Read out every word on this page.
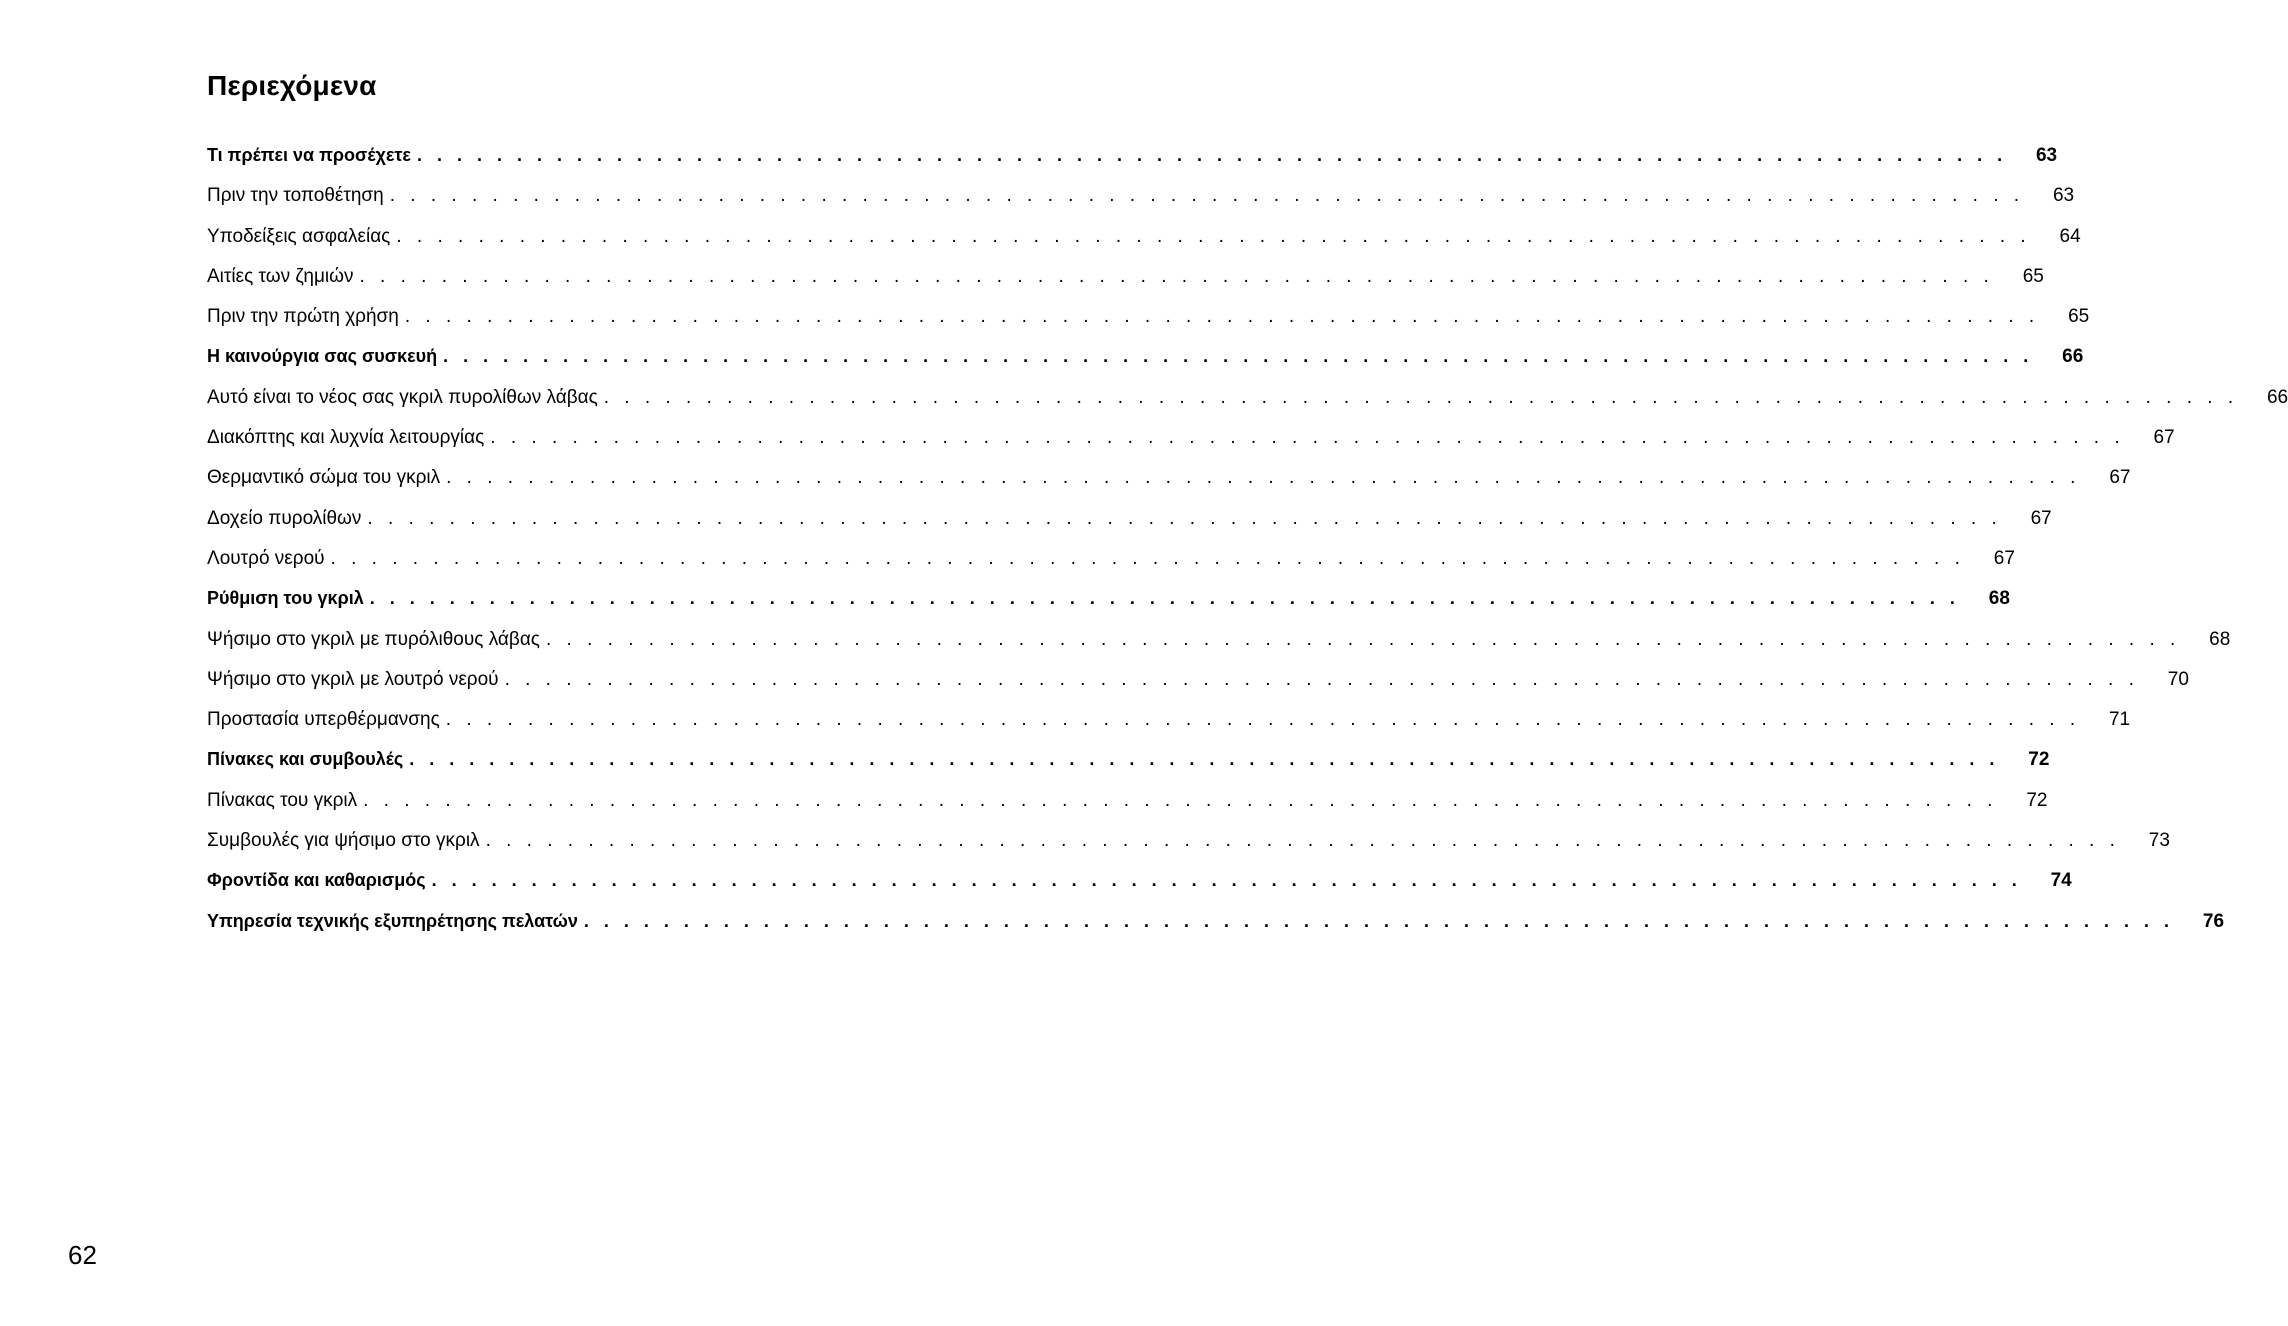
Περιεχόμενα
Τι πρέπει να προσέχετε . . . . . . . . . . . . . . . . . . . . . . . . . . . . . . . . . . . . . . . . . . . . . . . . . . . . . . . . . . . . . . . . . . . . . . . . . . . . . . . .	63
Πριν την τοποθέτηση . . . . . . . . . . . . . . . . . . . . . . . . . . . . . . . . . . . . . . . . . . . . . . . . . . . . . . . . . . . . . . . . . . . . . . . . . . . . . . . .	63
Υποδείξεις ασφαλείας . . . . . . . . . . . . . . . . . . . . . . . . . . . . . . . . . . . . . . . . . . . . . . . . . . . . . . . . . . . . . . . . . . . . . . . . . . . . . . . .	64
Αιτίες των ζημιών . . . . . . . . . . . . . . . . . . . . . . . . . . . . . . . . . . . . . . . . . . . . . . . . . . . . . . . . . . . . . . . . . . . . . . . . . . . . . . . .	65
Πριν την πρώτη χρήση . . . . . . . . . . . . . . . . . . . . . . . . . . . . . . . . . . . . . . . . . . . . . . . . . . . . . . . . . . . . . . . . . . . . . . . . . . . . . . . .	65
Η καινούργια σας συσκευή . . . . . . . . . . . . . . . . . . . . . . . . . . . . . . . . . . . . . . . . . . . . . . . . . . . . . . . . . . . . . . . . . . . . . . . . . . . . . . . .	66
Αυτό είναι το νέος σας γκριλ πυρολίθων λάβας . . . . . . . . . . . . . . . . . . . . . . . . . . . . . . . . . . . . . . . . . . . . . . . . . . . . . . . . . . . . . . . . . . . . . . . . . . . . . . . .	66
Διακόπτης και λυχνία λειτουργίας . . . . . . . . . . . . . . . . . . . . . . . . . . . . . . . . . . . . . . . . . . . . . . . . . . . . . . . . . . . . . . . . . . . . . . . . . . . . . . . .	67
Θερμαντικό σώμα του γκριλ . . . . . . . . . . . . . . . . . . . . . . . . . . . . . . . . . . . . . . . . . . . . . . . . . . . . . . . . . . . . . . . . . . . . . . . . . . . . . . . .	67
Δοχείο πυρολίθων . . . . . . . . . . . . . . . . . . . . . . . . . . . . . . . . . . . . . . . . . . . . . . . . . . . . . . . . . . . . . . . . . . . . . . . . . . . . . . . .	67
Λουτρό νερού . . . . . . . . . . . . . . . . . . . . . . . . . . . . . . . . . . . . . . . . . . . . . . . . . . . . . . . . . . . . . . . . . . . . . . . . . . . . . . . .	67
Ρύθμιση του γκριλ . . . . . . . . . . . . . . . . . . . . . . . . . . . . . . . . . . . . . . . . . . . . . . . . . . . . . . . . . . . . . . . . . . . . . . . . . . . . . . . .	68
Ψήσιμο στο γκριλ με πυρόλιθους λάβας . . . . . . . . . . . . . . . . . . . . . . . . . . . . . . . . . . . . . . . . . . . . . . . . . . . . . . . . . . . . . . . . . . . . . . . . . . . . . . . .	68
Ψήσιμο στο γκριλ με λουτρό νερού . . . . . . . . . . . . . . . . . . . . . . . . . . . . . . . . . . . . . . . . . . . . . . . . . . . . . . . . . . . . . . . . . . . . . . . . . . . . . . . .	70
Προστασία υπερθέρμανσης . . . . . . . . . . . . . . . . . . . . . . . . . . . . . . . . . . . . . . . . . . . . . . . . . . . . . . . . . . . . . . . . . . . . . . . . . . . . . . . .	71
Πίνακες και συμβουλές . . . . . . . . . . . . . . . . . . . . . . . . . . . . . . . . . . . . . . . . . . . . . . . . . . . . . . . . . . . . . . . . . . . . . . . . . . . . . . . .	72
Πίνακας του γκριλ . . . . . . . . . . . . . . . . . . . . . . . . . . . . . . . . . . . . . . . . . . . . . . . . . . . . . . . . . . . . . . . . . . . . . . . . . . . . . . . .	72
Συμβουλές για ψήσιμο στο γκριλ . . . . . . . . . . . . . . . . . . . . . . . . . . . . . . . . . . . . . . . . . . . . . . . . . . . . . . . . . . . . . . . . . . . . . . . . . . . . . . . .	73
Φροντίδα και καθαρισμός . . . . . . . . . . . . . . . . . . . . . . . . . . . . . . . . . . . . . . . . . . . . . . . . . . . . . . . . . . . . . . . . . . . . . . . . . . . . . . . .	74
Υπηρεσία τεχνικής εξυπηρέτησης πελατών . . . . . . . . . . . . . . . . . . . . . . . . . . . . . . . . . . . . . . . . . . . . . . . . . . . . . . . . . . . . . . . . . . . . . . . . . . . . . . . .	76
62
